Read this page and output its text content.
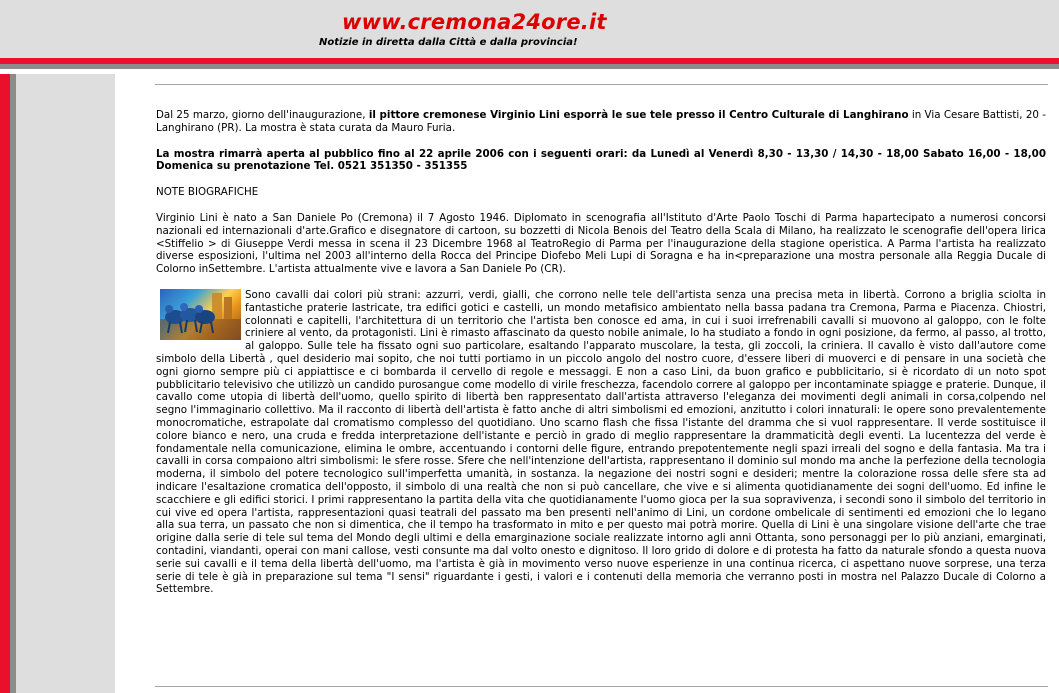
www.cremona24ore.it
Notizie in diretta dalla Città e dalla provincia!

Dal 25 marzo, giorno dell'inaugurazione, il pittore cremonese Virginio Lini esporrà le sue tele presso il Centro Culturale di Langhirano in Via Cesare Battisti, 20 - Langhirano (PR). La mostra è stata curata da Mauro Furia.

La mostra rimarrà aperta al pubblico fino al 22 aprile 2006 con i seguenti orari: da Lunedì al Venerdì 8,30 - 13,30 / 14,30 - 18,00 Sabato 16,00 - 18,00 Domenica su prenotazione Tel. 0521 351350 - 351355

NOTE BIOGRAFICHE

Virginio Lini è nato a San Daniele Po (Cremona) il 7 Agosto 1946. Diplomato in scenografia all'Istituto d'Arte Paolo Toschi di Parma hapartecipato a numerosi concorsi nazionali ed internazionali d'arte.Grafico e disegnatore di cartoon, su bozzetti di Nicola Benois del Teatro della Scala di Milano, ha realizzato le scenografie dell'opera lirica <Stiffelio > di Giuseppe Verdi messa in scena il 23 Dicembre 1968 al TeatroRegio di Parma per l'inaugurazione della stagione operistica. A Parma l'artista ha realizzato diverse esposizioni, l'ultima nel 2003 all'interno della Rocca del Principe Diofebo Meli Lupi di Soragna e ha in<preparazione una mostra personale alla Reggia Ducale di Colorno inSettembre. L'artista attualmente vive e lavora a San Daniele Po (CR).

Sono cavalli dai colori più strani: azzurri, verdi, gialli, che corrono nelle tele dell'artista senza una precisa meta in libertà. Corrono a briglia sciolta in fantastiche praterie lastricate, tra edifici gotici e castelli, un mondo metafisico ambientato nella bassa padana tra Cremona, Parma e Piacenza. Chiostri, colonnati e capitelli, l'architettura di un territorio che l'artista ben conosce ed ama, in cui i suoi irrefrenabili cavalli si muovono al galoppo, con le folte criniere al vento, da protagonisti. Lini è rimasto affascinato da questo nobile animale, lo ha studiato a fondo in ogni posizione, da fermo, al passo, al trotto, al galoppo. Sulle tele ha fissato ogni suo particolare, esaltando l'apparato muscolare, la testa, gli zoccoli, la criniera. Il cavallo è visto dall'autore come simbolo della Libertà , quel desiderio mai sopito, che noi tutti portiamo in un piccolo angolo del nostro cuore, d'essere liberi di muoverci e di pensare in una società che ogni giorno sempre più ci appiattisce e ci bombarda il cervello di regole e messaggi. E non a caso Lini, da buon grafico e pubblicitario, si è ricordato di un noto spot pubblicitario televisivo che utilizzò un candido purosangue come modello di virile freschezza, facendolo correre al galoppo per incontaminate spiagge e praterie. Dunque, il cavallo come utopia di libertà dell'uomo, quello spirito di libertà ben rappresentato dall'artista attraverso l'eleganza dei movimenti degli animali in corsa,colpendo nel segno l'immaginario collettivo. Ma il racconto di libertà dell'artista è fatto anche di altri simbolismi ed emozioni, anzitutto i colori innaturali: le opere sono prevalentemente monocromatiche, estrapolate dal cromatismo complesso del quotidiano. Uno scarno flash che fissa l'istante del dramma che si vuol rappresentare. Il verde sostituisce il colore bianco e nero, una cruda e fredda interpretazione dell'istante e perciò in grado di meglio rappresentare la drammaticità degli eventi. La lucentezza del verde è fondamentale nella comunicazione, elimina le ombre, accentuando i contorni delle figure, entrando prepotentemente negli spazi irreali del sogno e della fantasia. Ma tra i cavalli in corsa compaiono altri simbolismi: le sfere rosse. Sfere che nell'intenzione dell'artista, rappresentano il dominio sul mondo ma anche la perfezione della tecnologia moderna, il simbolo del potere tecnologico sull'imperfetta umanità, in sostanza. la negazione dei nostri sogni e desideri; mentre la colorazione rossa delle sfere sta ad indicare l'esaltazione cromatica dell'opposto, il simbolo di una realtà che non si può cancellare, che vive e si alimenta quotidianamente dei sogni dell'uomo. Ed infine le scacchiere e gli edifici storici. I primi rappresentano la partita della vita che quotidianamente l'uomo gioca per la sua sopravivenza, i secondi sono il simbolo del territorio in cui vive ed opera l'artista, rappresentazioni quasi teatrali del passato ma ben presenti nell'animo di Lini, un cordone ombelicale di sentimenti ed emozioni che lo legano alla sua terra, un passato che non si dimentica, che il tempo ha trasformato in mito e per questo mai potrà morire. Quella di Lini è una singolare visione dell'arte che trae origine dalla serie di tele sul tema del Mondo degli ultimi e della emarginazione sociale realizzate intorno agli anni Ottanta, sono personaggi per lo più anziani, emarginati, contadini, viandanti, operai con mani callose, vesti consunte ma dal volto onesto e dignitoso. Il loro grido di dolore e di protesta ha fatto da naturale sfondo a questa nuova serie sui cavalli e il tema della libertà dell'uomo, ma l'artista è già in movimento verso nuove esperienze in una continua ricerca, ci aspettano nuove sorprese, una terza serie di tele è già in preparazione sul tema "I sensi" riguardante i gesti, i valori e i contenuti della memoria che verranno posti in mostra nel Palazzo Ducale di Colorno a Settembre.
